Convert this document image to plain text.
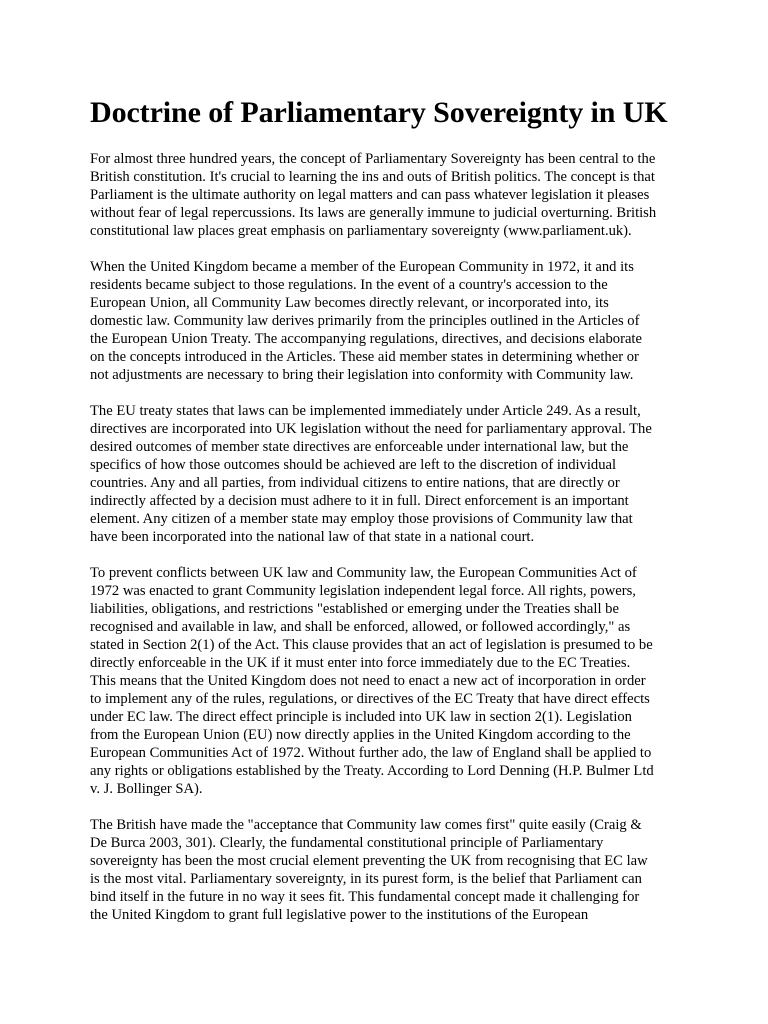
Doctrine of Parliamentary Sovereignty in UK

For almost three hundred years, the concept of Parliamentary Sovereignty has been central to the
British constitution. It's crucial to learning the ins and outs of British politics. The concept is that
Parliament is the ultimate authority on legal matters and can pass whatever legislation it pleases
without fear of legal repercussions. Its laws are generally immune to judicial overturning. British
constitutional law places great emphasis on parliamentary sovereignty (www.parliament.uk).

When the United Kingdom became a member of the European Community in 1972, it and its
residents became subject to those regulations. In the event of a country's accession to the
European Union, all Community Law becomes directly relevant, or incorporated into, its
domestic law. Community law derives primarily from the principles outlined in the Articles of
the European Union Treaty. The accompanying regulations, directives, and decisions elaborate
on the concepts introduced in the Articles. These aid member states in determining whether or
not adjustments are necessary to bring their legislation into conformity with Community law.

The EU treaty states that laws can be implemented immediately under Article 249. As a result,
directives are incorporated into UK legislation without the need for parliamentary approval. The
desired outcomes of member state directives are enforceable under international law, but the
specifics of how those outcomes should be achieved are left to the discretion of individual
countries. Any and all parties, from individual citizens to entire nations, that are directly or
indirectly affected by a decision must adhere to it in full. Direct enforcement is an important
element. Any citizen of a member state may employ those provisions of Community law that
have been incorporated into the national law of that state in a national court.

To prevent conflicts between UK law and Community law, the European Communities Act of
1972 was enacted to grant Community legislation independent legal force. All rights, powers,
liabilities, obligations, and restrictions "established or emerging under the Treaties shall be
recognised and available in law, and shall be enforced, allowed, or followed accordingly," as
stated in Section 2(1) of the Act. This clause provides that an act of legislation is presumed to be
directly enforceable in the UK if it must enter into force immediately due to the EC Treaties.
This means that the United Kingdom does not need to enact a new act of incorporation in order
to implement any of the rules, regulations, or directives of the EC Treaty that have direct effects
under EC law. The direct effect principle is included into UK law in section 2(1). Legislation
from the European Union (EU) now directly applies in the United Kingdom according to the
European Communities Act of 1972. Without further ado, the law of England shall be applied to
any rights or obligations established by the Treaty. According to Lord Denning (H.P. Bulmer Ltd
v. J. Bollinger SA).

The British have made the "acceptance that Community law comes first" quite easily (Craig &
De Burca 2003, 301). Clearly, the fundamental constitutional principle of Parliamentary
sovereignty has been the most crucial element preventing the UK from recognising that EC law
is the most vital. Parliamentary sovereignty, in its purest form, is the belief that Parliament can
bind itself in the future in no way it sees fit. This fundamental concept made it challenging for
the United Kingdom to grant full legislative power to the institutions of the European
